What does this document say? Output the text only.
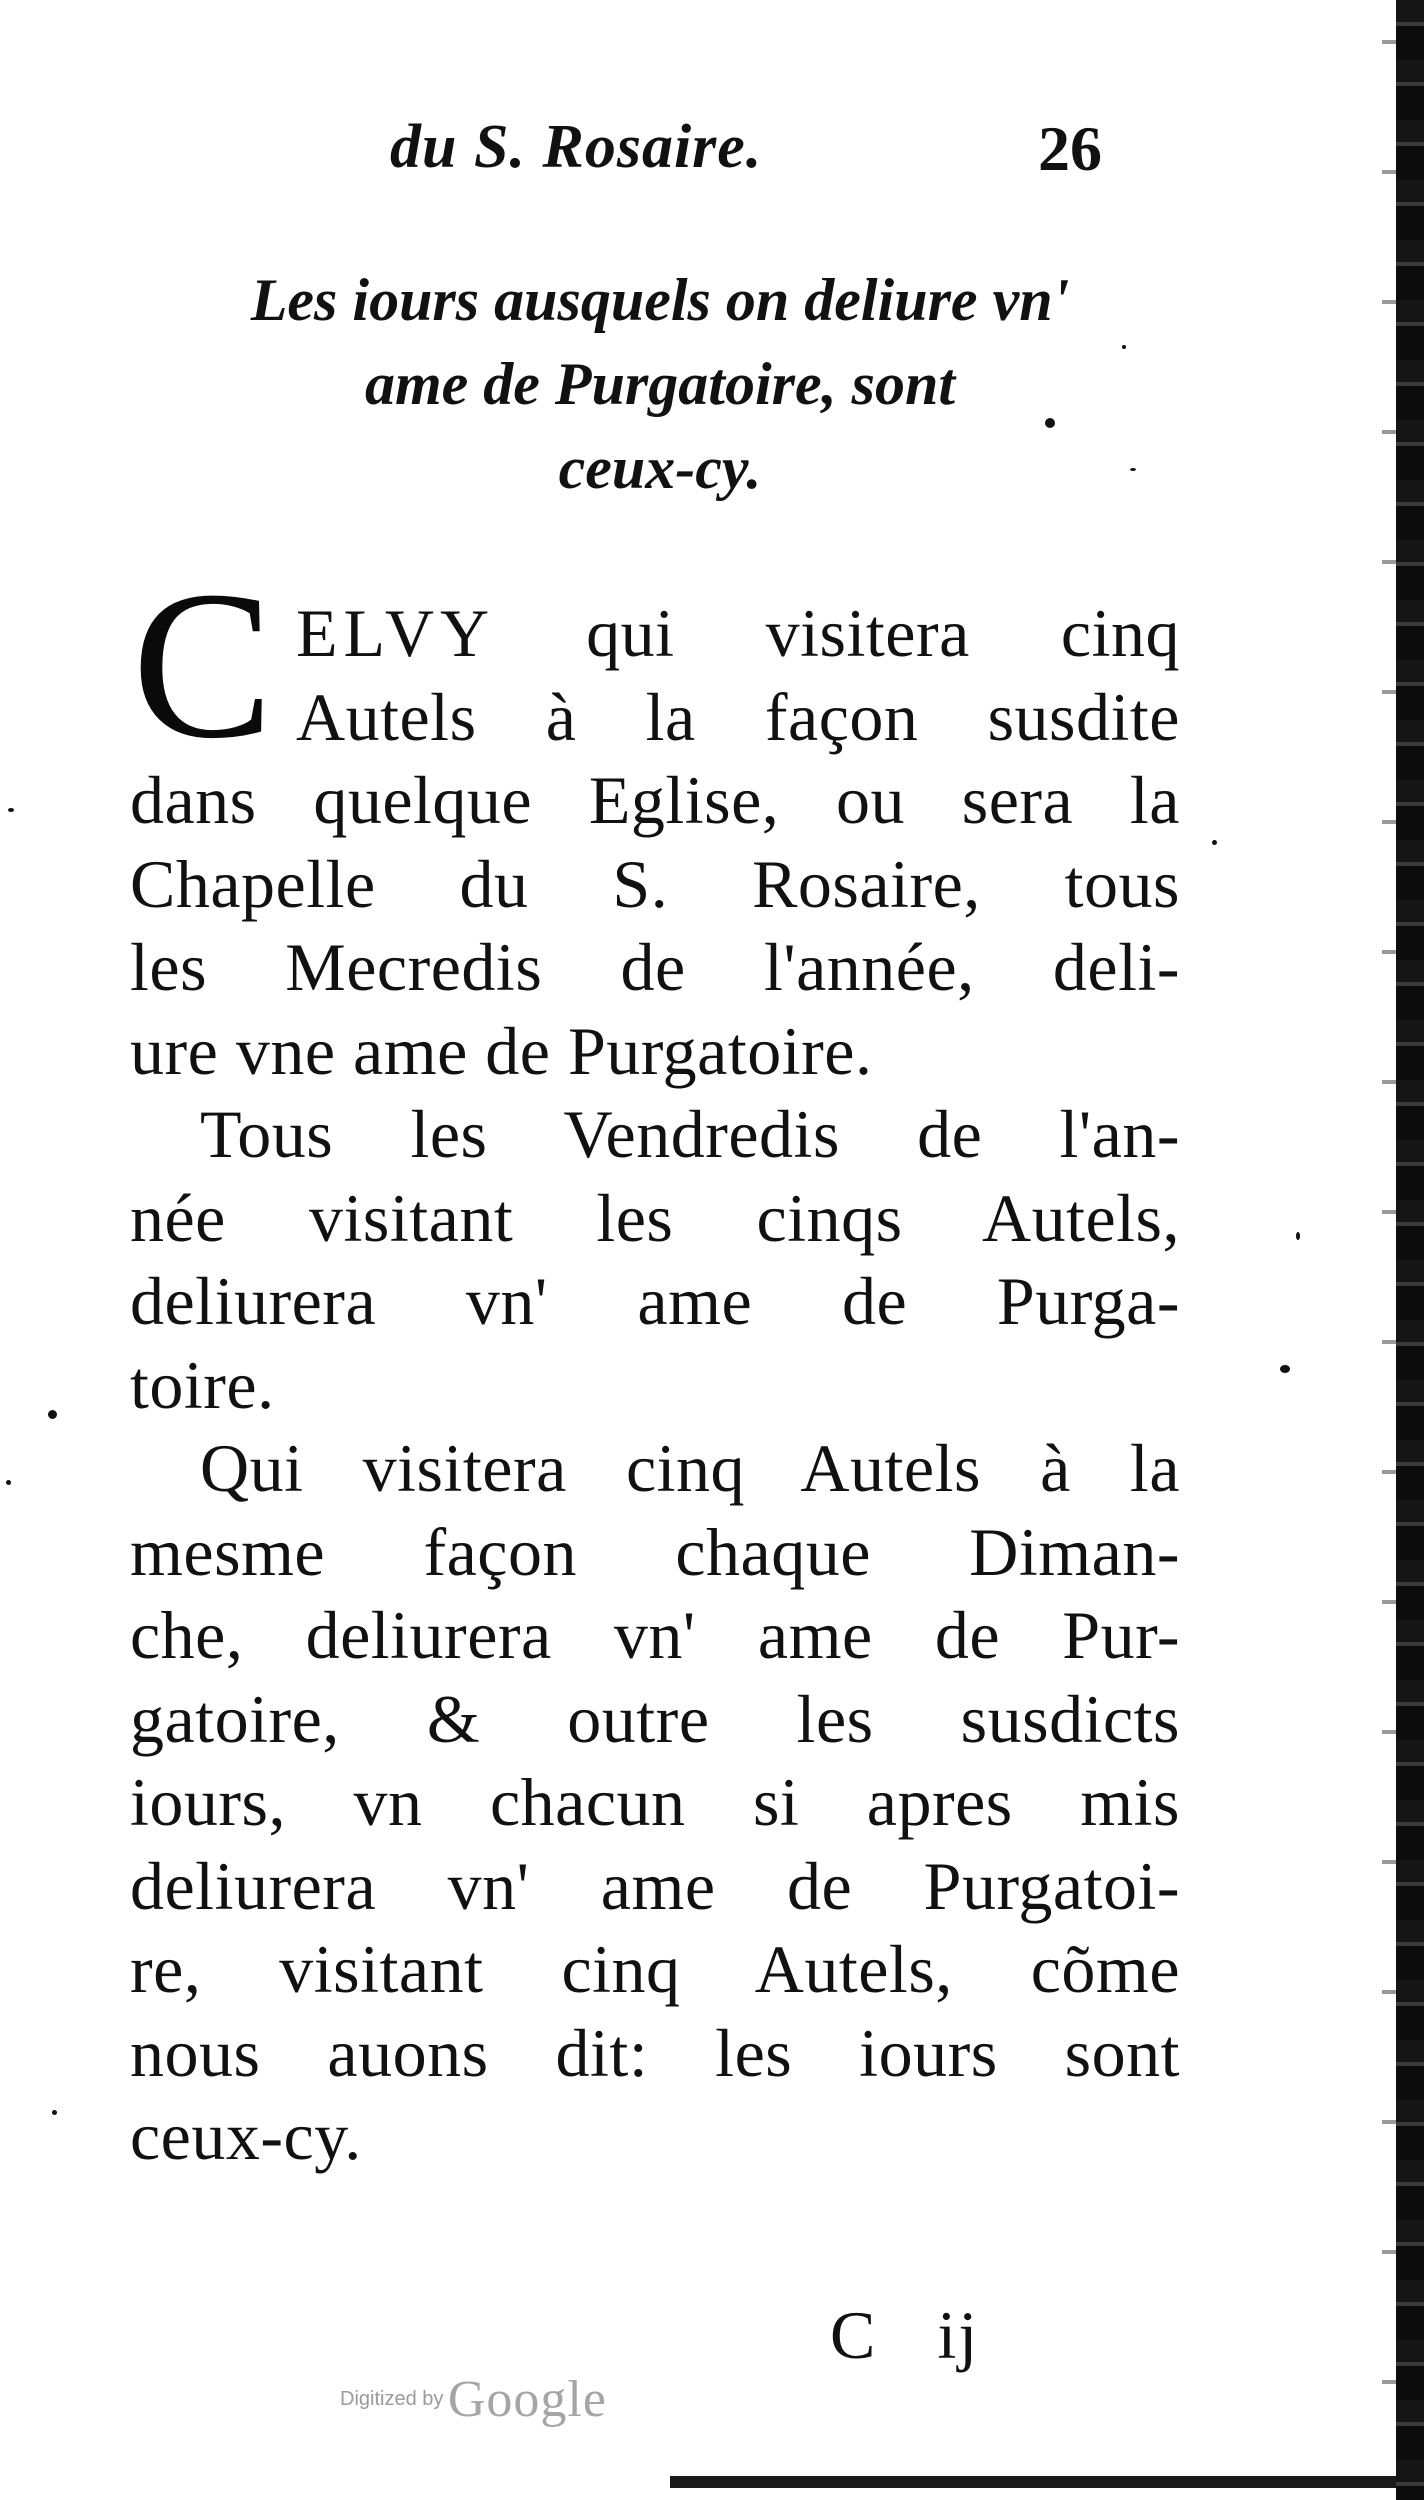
du S. Rosaire.	26
Les iours ausquels on deliure vn'
ame de Purgatoire, sont
ceux-cy.
C ELVY qui visitera cinq
Autels à la façon susdite
dans quelque Eglise, ou sera la
Chapelle du S. Rosaire, tous
les Mecredis de l'année, deli-
ure vne ame de Purgatoire.
Tous les Vendredis de l'an-
née visitant les cinqs Autels,
deliurera vn' ame de Purga-
toire.
Qui visitera cinq Autels à la
mesme façon chaque Diman-
che, deliurera vn' ame de Pur-
gatoire, & outre les susdicts
iours, vn chacun si apres mis
deliurera vn' ame de Purgatoi-
re, visitant cinq Autels, cõme
nous auons dit: les iours sont
ceux-cy.
C ij
Digitized by Google
